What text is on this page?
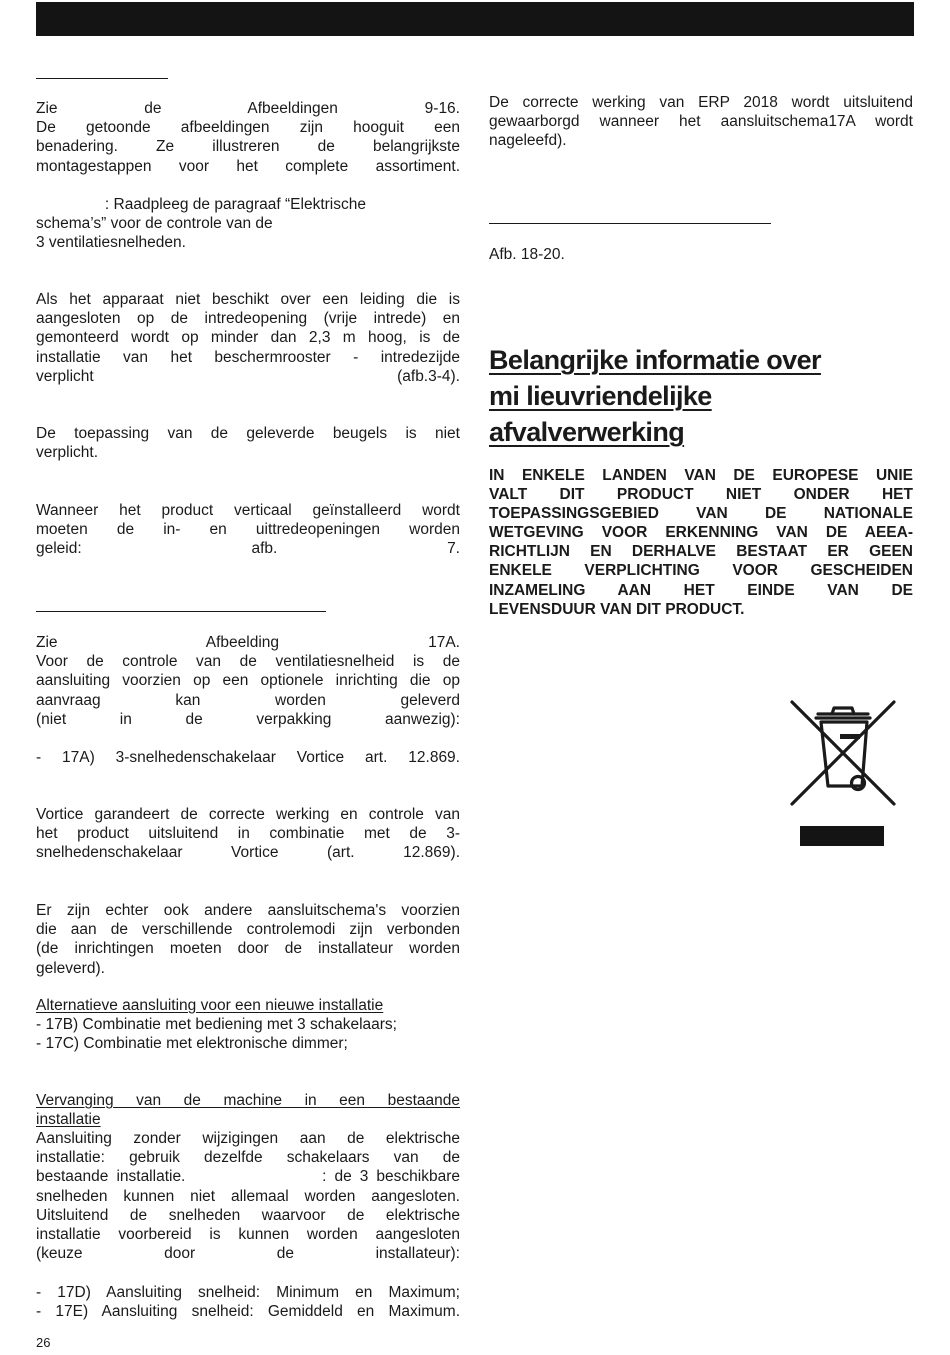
Zie de Afbeeldingen 9-16.
De getoonde afbeeldingen zijn hooguit een
benadering. Ze illustreren de belangrijkste
montagestappen voor het complete assortiment.
: Raadpleeg de paragraaf “Elektrische
schema’s” voor de controle van de
3 ventilatiesnelheden.
Als het apparaat niet beschikt over een leiding die is
aangesloten op de intredeopening (vrije intrede) en
gemonteerd wordt op minder dan 2,3 m hoog, is de
installatie van het beschermrooster - intredezijde
verplicht (afb.3-4).
De toepassing van de geleverde beugels is niet
verplicht.
Wanneer het product verticaal geïnstalleerd wordt
moeten de in- en uittredeopeningen worden
geleid: afb. 7.
Zie Afbeelding 17A.
Voor de controle van de ventilatiesnelheid is de
aansluiting voorzien op een optionele inrichting die op
aanvraag kan worden geleverd
(niet in de verpakking aanwezig):

- 17A) 3-snelhedenschakelaar Vortice art. 12.869.
Vortice garandeert de correcte werking en controle van
het product uitsluitend in combinatie met de 3-
snelhedenschakelaar Vortice (art. 12.869).
Er zijn echter ook andere aansluitschema's voorzien
die aan de verschillende controlemodi zijn verbonden
(de inrichtingen moeten door de installateur worden
geleverd).
Alternatieve aansluiting voor een nieuwe installatie
- 17B) Combinatie met bediening met 3 schakelaars;
- 17C) Combinatie met elektronische dimmer;
Vervanging van de machine in een bestaande
installatie
Aansluiting zonder wijzigingen aan de elektrische
installatie: gebruik dezelfde schakelaars van de
bestaande installatie.                 : de 3 beschikbare
snelheden kunnen niet allemaal worden aangesloten.
Uitsluitend de snelheden waarvoor de elektrische
installatie voorbereid is kunnen worden aangesloten
(keuze door de installateur):

- 17D) Aansluiting snelheid: Minimum en Maximum;
- 17E) Aansluiting snelheid: Gemiddeld en Maximum.
De correcte werking van ERP 2018 wordt uitsluitend
gewaarborgd wanneer het aansluitschema17A wordt
nageleefd).
Afb. 18-20.
Belangrijke informatie over
mi lieuvriendelijke
afvalverwerking
IN ENKELE LANDEN VAN DE EUROPESE UNIE
VALT DIT PRODUCT NIET ONDER HET
TOEPASSINGSGEBIED VAN DE NATIONALE
WETGEVING VOOR ERKENNING VAN DE AEEA-
RICHTLIJN EN DERHALVE BESTAAT ER GEEN
ENKELE VERPLICHTING VOOR GESCHEIDEN
INZAMELING AAN HET EINDE VAN DE
LEVENSDUUR VAN DIT PRODUCT.
26
